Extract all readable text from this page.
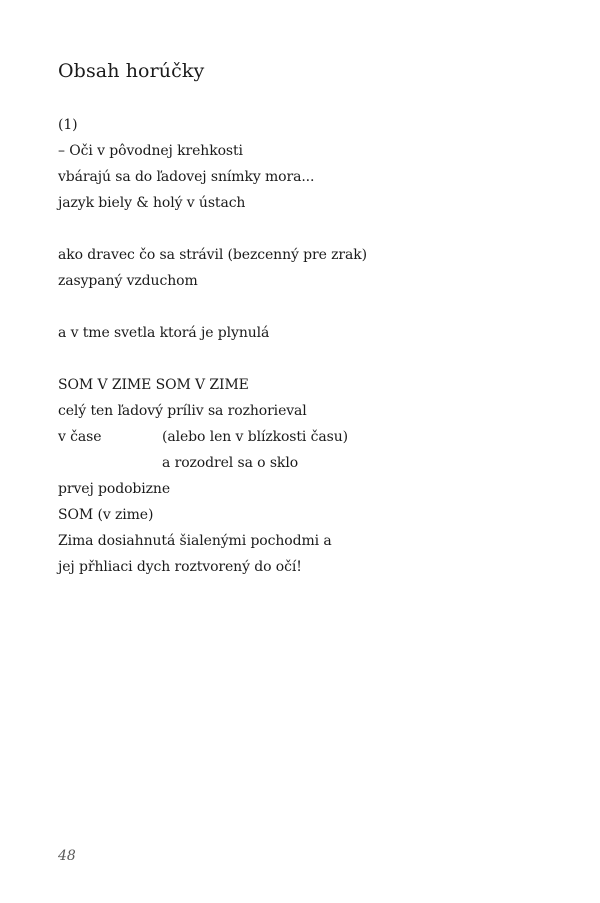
Obsah horúčky
(1)
– Oči v pôvodnej krehkosti
vbárajú sa do ľadovej snímky mora...
jazyk biely & holý v ústach
ako dravec čo sa strávil (bezcenný pre zrak)
zasypaný vzduchom
a v tme svetla ktorá je plynulá
SOM V ZIME SOM V ZIME
celý ten ľadový príliv sa rozhorieval
v čase	(alebo len v blízkosti času)
a rozodrel sa o sklo
prvej podobizne
SOM (v zime)
Zima dosiahnutá šialenými pochodmi a
jej přhliaci dych roztvorený do očí!
48
